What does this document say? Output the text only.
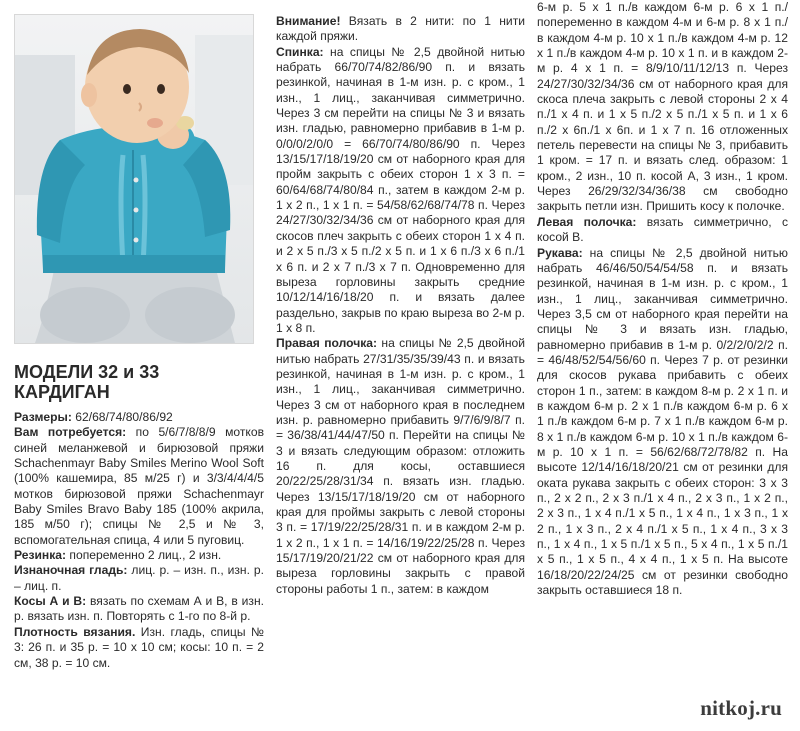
МОДЕЛИ 32 и 33
КАРДИГАН

Размеры: 62/68/74/80/86/92

Вам потребуется: по 5/6/7/8/8/9 мотков синей меланжевой и бирюзовой пряжи Schachenmayr Baby Smiles Merino Wool Soft (100% кашемира, 85 м/25 г) и 3/3/4/4/4/5 мотков бирюзовой пряжи Schachenmayr Baby Smiles Bravo Baby 185 (100% акрила, 185 м/50 г); спицы № 2,5 и № 3, вспомогательная спица, 4 или 5 пуговиц.

Резинка: попеременно 2 лиц., 2 изн.

Изнаночная гладь: лиц. р. – изн. п., изн. р. – лиц. п.

Косы А и В: вязать по схемам А и В, в изн. р. вязать изн. п. Повторять с 1-го по 8-й р.

Плотность вязания. Изн. гладь, спицы № 3: 26 п. и 35 р. = 10 х 10 см; косы: 10 п. = 2 см, 38 р. = 10 см.

Внимание! Вязать в 2 нити: по 1 нити каждой пряжи.

Спинка: на спицы № 2,5 двойной нитью набрать 66/70/74/82/86/90 п. и вязать резинкой, начиная в 1-м изн. р. с кром., 1 изн., 1 лиц., заканчивая симметрично. Через 3 см перейти на спицы № 3 и вязать изн. гладью, равномерно прибавив в 1-м р. 0/0/0/2/0/0 = 66/70/74/80/86/90 п. Через 13/15/17/18/19/20 см от наборного края для пройм закрыть с обеих сторон 1 х 3 п. = 60/64/68/74/80/84 п., затем в каждом 2-м р. 1 х 2 п., 1 х 1 п. = 54/58/62/68/74/78 п. Через 24/27/30/32/34/36 см от наборного края для скосов плеч закрыть с обеих сторон 1 х 4 п. и 2 х 5 п./3 х 5 п./2 х 5 п. и 1 х 6 п./3 х 6 п./1 х 6 п. и 2 х 7 п./3 х 7 п. Одновременно для выреза горловины закрыть средние 10/12/14/16/18/20 п. и вязать далее раздельно, закрыв по краю выреза во 2-м р. 1 х 8 п.

Правая полочка: на спицы № 2,5 двойной нитью набрать 27/31/35/35/39/43 п. и вязать резинкой, начиная в 1-м изн. р. с кром., 1 изн., 1 лиц., заканчивая симметрично. Через 3 см от наборного края в последнем изн. р. равномерно прибавить 9/7/6/9/8/7 п. = 36/38/41/44/47/50 п. Перейти на спицы № 3 и вязать следующим образом: отложить 16 п. для косы, оставшиеся 20/22/25/28/31/34 п. вязать изн. гладью. Через 13/15/17/18/19/20 см от наборного края для проймы закрыть с левой стороны 3 п. = 17/19/22/25/28/31 п. и в каждом 2-м р. 1 х 2 п., 1 х 1 п. = 14/16/19/22/25/28 п. Через 15/17/19/20/21/22 см от наборного края для выреза горловины закрыть с правой стороны работы 1 п., затем: в каждом

6-м р. 5 х 1 п./в каждом 6-м р. 6 х 1 п./попеременно в каждом 4-м и 6-м р. 8 х 1 п./в каждом 4-м р. 10 х 1 п./в каждом 4-м р. 12 х 1 п./в каждом 4-м р. 10 х 1 п. и в каждом 2-м р. 4 х 1 п. = 8/9/10/11/12/13 п. Через 24/27/30/32/34/36 см от наборного края для скоса плеча закрыть с левой стороны 2 х 4 п./1 х 4 п. и 1 х 5 п./2 х 5 п./1 х 5 п. и 1 х 6 п./2 х 6п./1 х 6п. и 1 х 7 п. 16 отложенных петель перевести на спицы № 3, прибавить 1 кром. = 17 п. и вязать след. образом: 1 кром., 2 изн., 10 п. косой А, 3 изн., 1 кром. Через 26/29/32/34/36/38 см свободно закрыть петли изн. Пришить косу к полочке.

Левая полочка: вязать симметрично, с косой В.

Рукава: на спицы № 2,5 двойной нитью набрать 46/46/50/54/54/58 п. и вязать резинкой, начиная в 1-м изн. р. с кром., 1 изн., 1 лиц., заканчивая симметрично. Через 3,5 см от наборного края перейти на спицы № 3 и вязать изн. гладью, равномерно прибавив в 1-м р. 0/2/2/0/2/2 п. = 46/48/52/54/56/60 п. Через 7 р. от резинки для скосов рукава прибавить с обеих сторон 1 п., затем: в каждом 8-м р. 2 х 1 п. и в каждом 6-м р. 2 х 1 п./в каждом 6-м р. 6 х 1 п./в каждом 6-м р. 7 х 1 п./в каждом 6-м р. 8 х 1 п./в каждом 6-м р. 10 х 1 п./в каждом 6-м р. 10 х 1 п. = 56/62/68/72/78/82 п. На высоте 12/14/16/18/20/21 см от резинки для оката рукава закрыть с обеих сторон: 3 х 3 п., 2 х 2 п., 2 х 3 п./1 х 4 п., 2 х 3 п., 1 х 2 п., 2 х 3 п., 1 х 4 п./1 х 5 п., 1 х 4 п., 1 х 3 п., 1 х 2 п., 1 х 3 п., 2 х 4 п./1 х 5 п., 1 х 4 п., 3 х 3 п., 1 х 4 п., 1 х 5 п./1 х 5 п., 5 х 4 п., 1 х 5 п./1 х 5 п., 1 х 5 п., 4 х 4 п., 1 х 5 п. На высоте 16/18/20/22/24/25 см от резинки свободно закрыть оставшиеся 18 п.

nitkoj.ru
